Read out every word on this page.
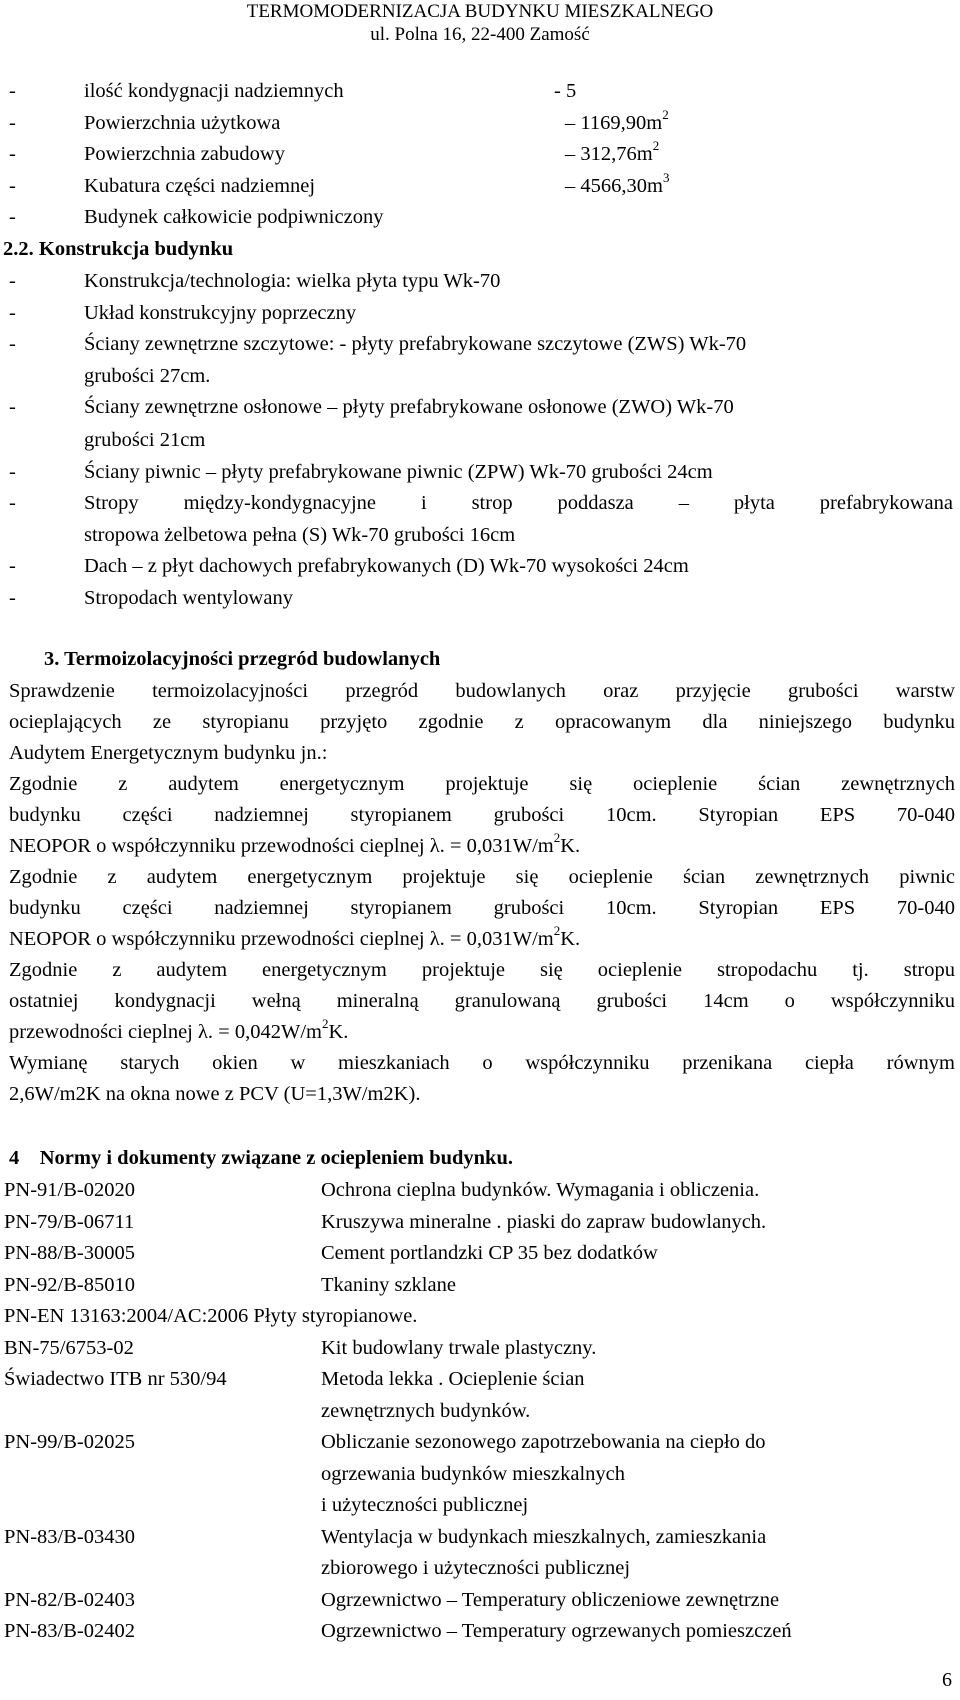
TERMOMODERNIZACJA BUDYNKU MIESZKALNEGO
ul. Polna 16, 22-400 Zamość
-	ilość kondygnacji nadziemnych	- 5
-	Powierzchnia użytkowa	– $1169,90m^2$
-	Powierzchnia zabudowy	– $312,76m^2$
-	Kubatura części nadziemnej	– $4566,30m^3$
-	Budynek całkowicie podpiwniczony
2.2. Konstrukcja budynku
-	Konstrukcja/technologia: wielka płyta typu Wk-70
-	Układ konstrukcyjny poprzeczny
-	Ściany zewnętrzne szczytowe: - płyty prefabrykowane szczytowe (ZWS) Wk-70
grubości 27cm.
-	Ściany zewnętrzne osłonowe – płyty prefabrykowane osłonowe (ZWO) Wk-70
grubości 21cm
-	Ściany piwnic – płyty prefabrykowane piwnic (ZPW) Wk-70 grubości 24cm
-	Stropy między-kondygnacyjne i strop poddasza – płyta prefabrykowana
stropowa żelbetowa pełna (S) Wk-70 grubości 16cm
-	Dach – z płyt dachowych prefabrykowanych (D) Wk-70 wysokości 24cm
-	Stropodach wentylowany
3. Termoizolacyjności przegród budowlanych
Sprawdzenie termoizolacyjności przegród budowlanych oraz przyjęcie grubości warstw
ocieplających ze styropianu przyjęto zgodnie z opracowanym dla niniejszego budynku
Audytem Energetycznym budynku jn.:
Zgodnie z audytem energetycznym projektuje się ocieplenie ścian zewnętrznych
budynku części nadziemnej styropianem grubości 10cm. Styropian EPS 70-040
NEOPOR o współczynniku przewodności cieplnej λ. = $0,031W/m^2K$.
Zgodnie z audytem energetycznym projektuje się ocieplenie ścian zewnętrznych piwnic
budynku części nadziemnej styropianem grubości 10cm. Styropian EPS 70-040
NEOPOR o współczynniku przewodności cieplnej λ. = $0,031W/m^2K$.
Zgodnie z audytem energetycznym projektuje się ocieplenie stropodachu tj. stropu
ostatniej kondygnacji wełną mineralną granulowaną grubości 14cm o współczynniku
przewodności cieplnej λ. = $0,042W/m^2K$.
Wymianę starych okien w mieszkaniach o współczynniku przenikana ciepła równym
2,6W/m2K na okna nowe z PCV (U=1,3W/m2K).
4    Normy i dokumenty związane z ociepleniem budynku.
PN-91/B-02020	Ochrona cieplna budynków. Wymagania i obliczenia.
PN-79/B-06711	Kruszywa mineralne . piaski do zapraw budowlanych.
PN-88/B-30005	Cement portlandzki CP 35 bez dodatków
PN-92/B-85010	Tkaniny szklane
PN-EN 13163:2004/AC:2006 Płyty styropianowe.
BN-75/6753-02	Kit budowlany trwale plastyczny.
Świadectwo ITB nr 530/94	Metoda lekka . Ocieplenie ścian
zewnętrznych budynków.
PN-99/B-02025	Obliczanie sezonowego zapotrzebowania na ciepło do
ogrzewania budynków mieszkalnych
i użyteczności publicznej
PN-83/B-03430	Wentylacja w budynkach mieszkalnych, zamieszkania
zbiorowego i użyteczności publicznej
PN-82/B-02403	Ogrzewnictwo – Temperatury obliczeniowe zewnętrzne
PN-83/B-02402	Ogrzewnictwo – Temperatury ogrzewanych pomieszczeń
6
